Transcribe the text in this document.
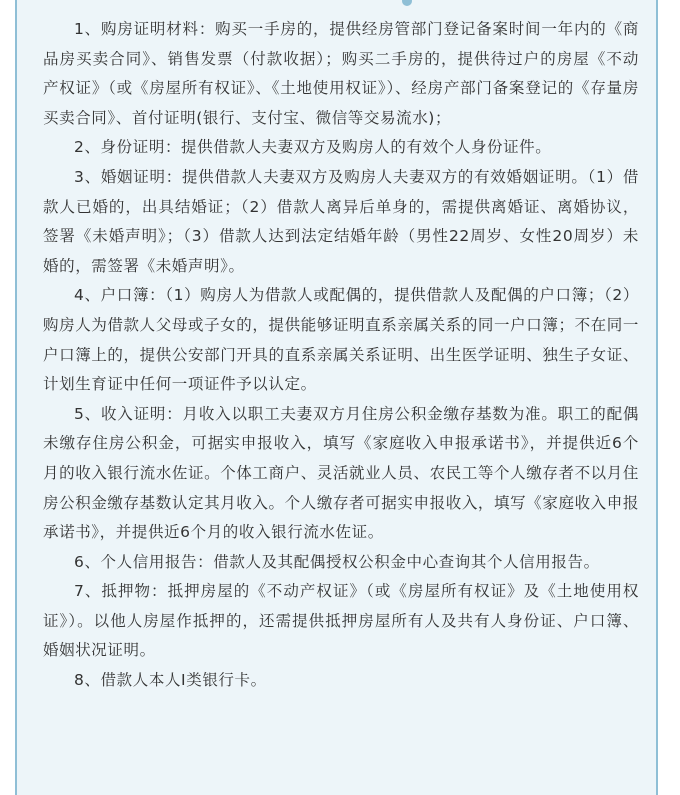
1、购房证明材料：购买一手房的，提供经房管部门登记备案时间一年内的《商品房买卖合同》、销售发票（付款收据）；购买二手房的，提供待过户的房屋《不动产权证》（或《房屋所有权证》、《土地使用权证》）、经房产部门备案登记的《存量房买卖合同》、首付证明(银行、支付宝、微信等交易流水)；

2、身份证明：提供借款人夫妻双方及购房人的有效个人身份证件。

3、婚姻证明：提供借款人夫妻双方及购房人夫妻双方的有效婚姻证明。（1）借款人已婚的，出具结婚证；（2）借款人离异后单身的，需提供离婚证、离婚协议，签署《未婚声明》；（3）借款人达到法定结婚年龄（男性22周岁、女性20周岁）未婚的，需签署《未婚声明》。

4、户口簿：（1）购房人为借款人或配偶的，提供借款人及配偶的户口簿；（2）购房人为借款人父母或子女的，提供能够证明直系亲属关系的同一户口簿；不在同一户口簿上的，提供公安部门开具的直系亲属关系证明、出生医学证明、独生子女证、计划生育证中任何一项证件予以认定。

5、收入证明：月收入以职工夫妻双方月住房公积金缴存基数为准。职工的配偶未缴存住房公积金，可据实申报收入，填写《家庭收入申报承诺书》，并提供近6个月的收入银行流水佐证。个体工商户、灵活就业人员、农民工等个人缴存者不以月住房公积金缴存基数认定其月收入。个人缴存者可据实申报收入，填写《家庭收入申报承诺书》，并提供近6个月的收入银行流水佐证。

6、个人信用报告：借款人及其配偶授权公积金中心查询其个人信用报告。

7、抵押物：抵押房屋的《不动产权证》（或《房屋所有权证》及《土地使用权证》）。以他人房屋作抵押的，还需提供抵押房屋所有人及共有人身份证、户口簿、婚姻状况证明。

8、借款人本人Ⅰ类银行卡。
